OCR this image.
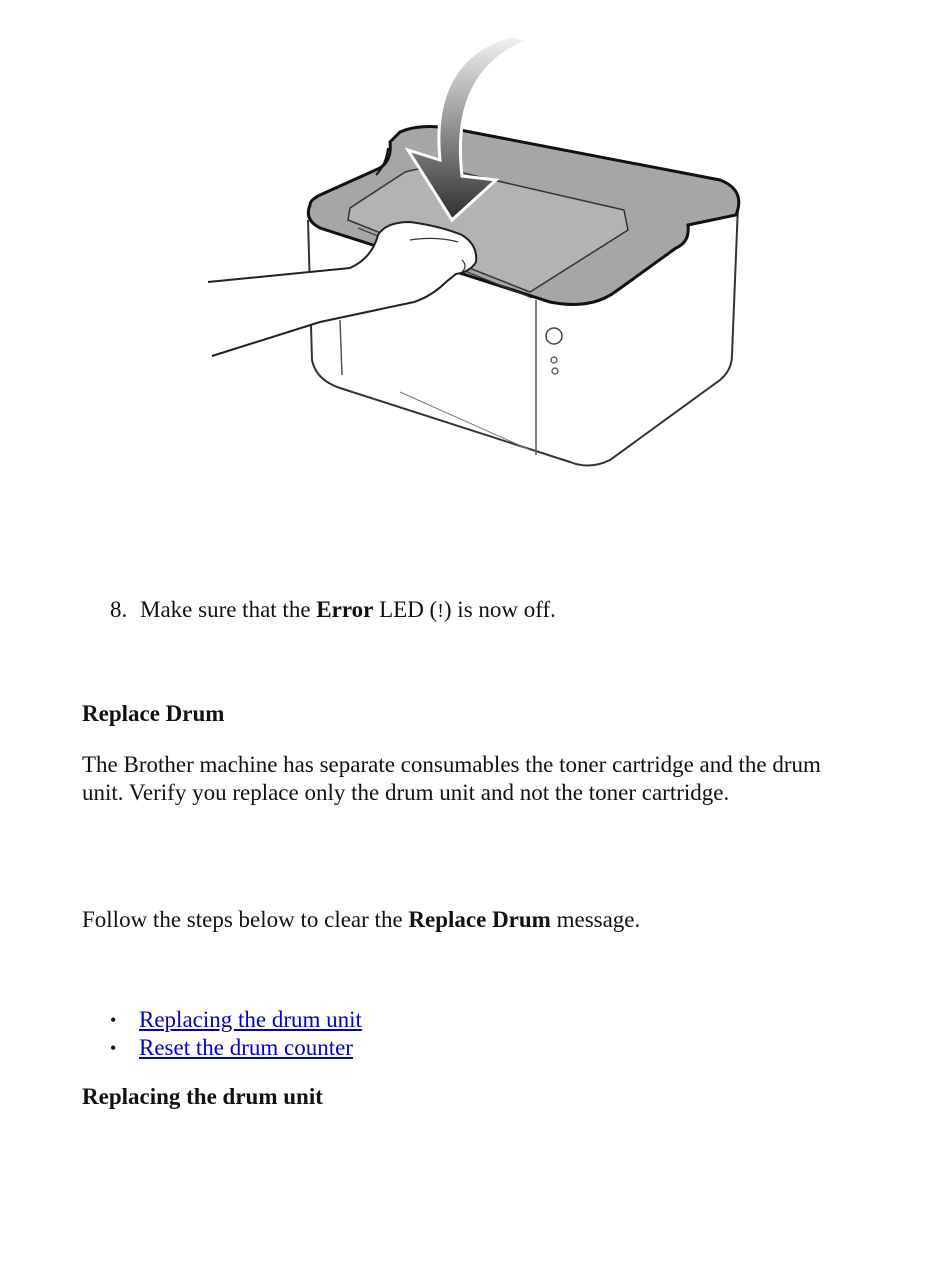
8. Make sure that the Error LED (!) is now off.
Replace Drum

The Brother machine has separate consumables the toner cartridge and the drum unit. Verify you replace only the drum unit and not the toner cartridge.

Follow the steps below to clear the Replace Drum message.

• Replacing the drum unit
• Reset the drum counter
Replacing the drum unit
